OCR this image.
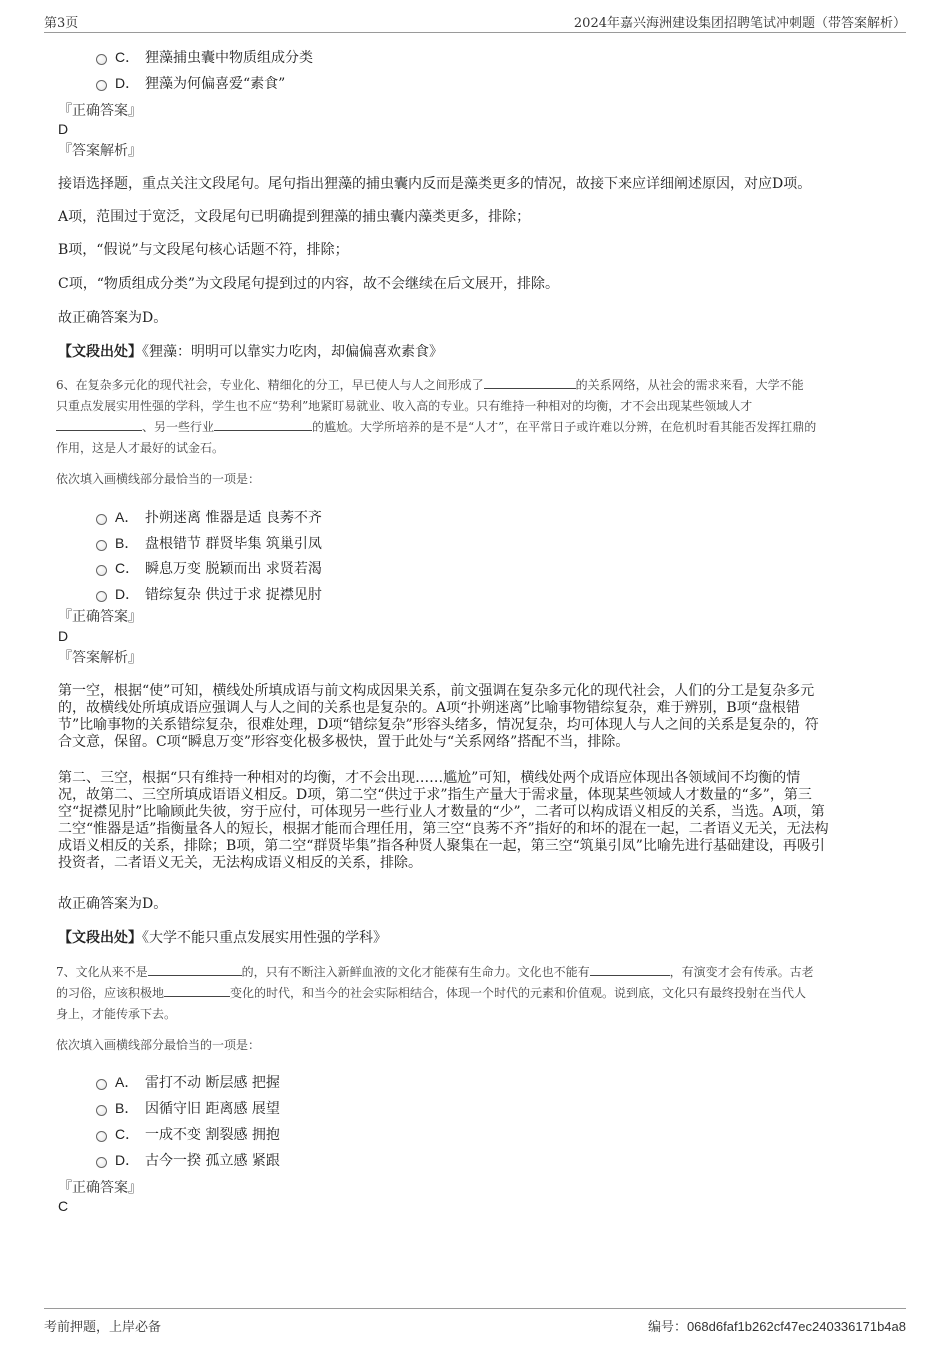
第3页	2024年嘉兴海洲建设集团招聘笔试冲刺题（带答案解析）
C． 狸藻捕虫囊中物质组成分类
D． 狸藻为何偏喜爱“素食”
『正确答案』
D
『答案解析』
接语选择题，重点关注文段尾句。尾句指出狸藻的捕虫囊内反而是藻类更多的情况，故接下来应详细阐述原因，对应D项。
A项，范围过于宽泛，文段尾句已明确提到狸藻的捕虫囊内藻类更多，排除；
B项，“假说”与文段尾句核心话题不符，排除；
C项，“物质组成分类”为文段尾句提到过的内容，故不会继续在后文展开，排除。
故正确答案为D。
【文段出处】《狸藻：明明可以靠实力吃肉，却偏偏喜欢素食》
6、在复杂多元化的现代社会，专业化、精细化的分工，早已使人与人之间形成了	的关系网络，从社会的需求来看，大学不能
只重点发展实用性强的学科，学生也不应“势利”地紧盯易就业、收入高的专业。只有维持一种相对的均衡，才不会出现某些领域人才
、另一些行业	的尴尬。大学所培养的是不是“人才”，在平常日子或许难以分辨，在危机时看其能否发挥扛鼎的
作用，这是人才最好的试金石。
依次填入画横线部分最恰当的一项是：
A． 扑朔迷离 惟器是适 良莠不齐
B． 盘根错节 群贤毕集 筑巢引凤
C． 瞬息万变 脱颖而出 求贤若渴
D． 错综复杂 供过于求 捉襟见肘
『正确答案』
D
『答案解析』
第一空，根据“使”可知，横线处所填成语与前文构成因果关系，前文强调在复杂多元化的现代社会，人们的分工是复杂多元
的，故横线处所填成语应强调人与人之间的关系也是复杂的。A项“扑朔迷离”比喻事物错综复杂，难于辨别，B项“盘根错
节”比喻事物的关系错综复杂，很难处理，D项“错综复杂”形容头绪多，情况复杂，均可体现人与人之间的关系是复杂的，符
合文意，保留。C项“瞬息万变”形容变化极多极快，置于此处与“关系网络”搭配不当，排除。
第二、三空，根据“只有维持一种相对的均衡，才不会出现……尴尬”可知，横线处两个成语应体现出各领域间不均衡的情
况，故第二、三空所填成语语义相反。D项，第二空“供过于求”指生产量大于需求量，体现某些领域人才数量的“多”，第三
空“捉襟见肘”比喻顾此失彼，穷于应付，可体现另一些行业人才数量的“少”，二者可以构成语义相反的关系，当选。A项，第
二空“惟器是适”指衡量各人的短长，根据才能而合理任用，第三空“良莠不齐”指好的和坏的混在一起，二者语义无关，无法构
成语义相反的关系，排除；B项，第二空“群贤毕集”指各种贤人聚集在一起，第三空“筑巢引凤”比喻先进行基础建设，再吸引
投资者，二者语义无关，无法构成语义相反的关系，排除。
故正确答案为D。
【文段出处】《大学不能只重点发展实用性强的学科》
7、文化从来不是	的，只有不断注入新鲜血液的文化才能葆有生命力。文化也不能有	，有演变才会有传承。古老
的习俗，应该积极地	变化的时代，和当今的社会实际相结合，体现一个时代的元素和价值观。说到底，文化只有最终投射在当代人
身上，才能传承下去。
依次填入画横线部分最恰当的一项是：
A． 雷打不动 断层感 把握
B． 因循守旧 距离感 展望
C． 一成不变 割裂感 拥抱
D． 古今一揆 孤立感 紧跟
『正确答案』
C
考前押题，上岸必备	编号：068d6faf1b262cf47ec240336171b4a8
